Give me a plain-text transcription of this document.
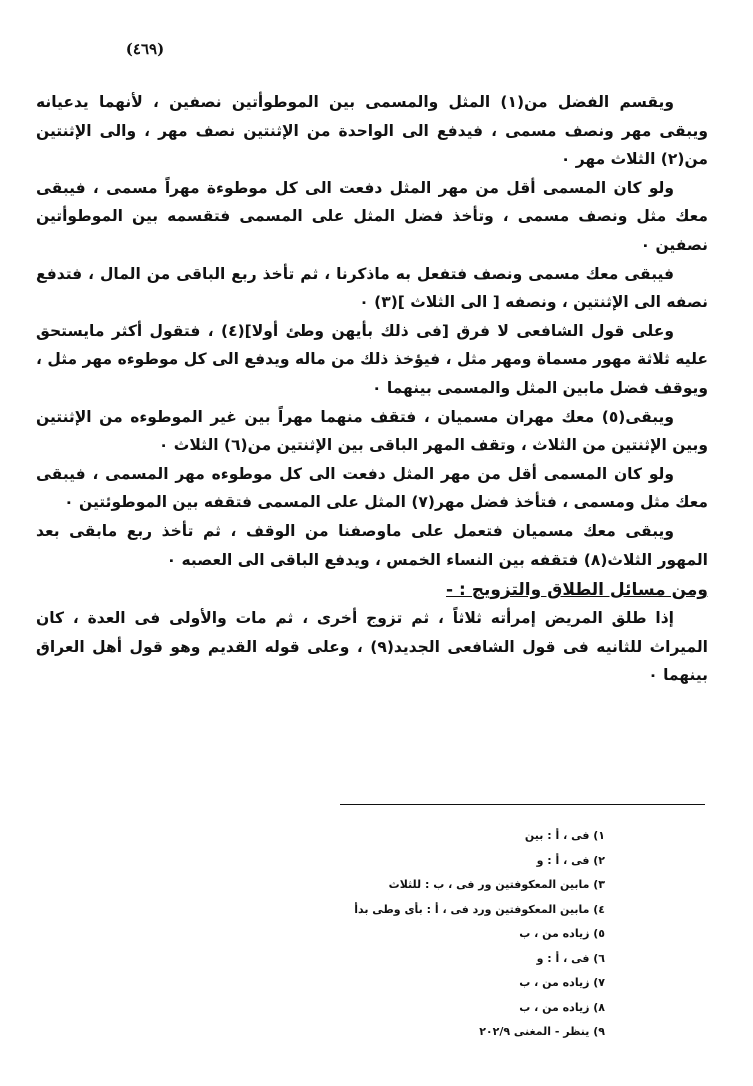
(٤٦٩)

ويقسم الفضل من(١) المثل والمسمى بين الموطوأتين نصفين ، لأنهما يدعيانه ويبقى مهر ونصف مسمى ، فيدفع الى الواحدة من الإثنتين نصف مهر ، والى الإثنتين من(٢) الثلاث مهر ٠

ولو كان المسمى أقل من مهر المثل دفعت الى كل موطوءة مهراً مسمى ، فيبقى معك مثل ونصف مسمى ، وتأخذ فضل المثل على المسمى فتقسمه بين الموطوأتين نصفين ٠

فيبقى معك مسمى ونصف فتفعل به ماذكرنا ، ثم تأخذ ربع الباقى من المال ، فتدفع نصفه الى الإثنتين ، ونصفه [ الى الثلاث ](٣) ٠

وعلى قول الشافعى لا فرق [فى ذلك بأيهن وطئ أولا](٤) ، فتقول أكثر مايستحق عليه ثلاثة مهور مسماة ومهر مثل ، فيؤخذ ذلك من ماله ويدفع الى كل موطوءه مهر مثل ، ويوقف فضل مابين المثل والمسمى بينهما ٠

ويبقى(٥) معك مهران مسميان ، فتقف منهما مهراً بين غير الموطوءه من الإثنتين وبين الإثنتين من الثلاث ، وتقف المهر الباقى بين الإثنتين من(٦) الثلاث ٠

ولو كان المسمى أقل من مهر المثل دفعت الى كل موطوءه مهر المسمى ، فيبقى معك مثل ومسمى ، فتأخذ فضل مهر(٧) المثل على المسمى فتقفه بين الموطوئتين ٠

ويبقى معك مسميان فتعمل على ماوصفنا من الوقف ، ثم تأخذ ربع مابقى بعد المهور الثلاث(٨) فتقفه بين النساء الخمس ، ويدفع الباقى الى العصبه ٠

ومن مسائل الطلاق والتزويج : -

إذا طلق المريض إمرأته ثلاثاً ، ثم تزوج أخرى ، ثم مات والأولى فى العدة ، كان الميراث للثانيه فى قول الشافعى الجديد(٩) ، وعلى قوله القديم وهو قول أهل العراق بينهما ٠

١) فى ، أ : بين
٢) فى ، أ : و
٣) مابين المعكوفتين ور فى ، ب : للثلاث
٤) مابين المعكوفتين ورد فى ، أ : بأى وطى بدأ
٥) زياده من ، ب
٦) فى ، أ : و
٧) زياده من ، ب
٨) زياده من ، ب
٩) ينظر - المغنى ٢٠٢/٩
